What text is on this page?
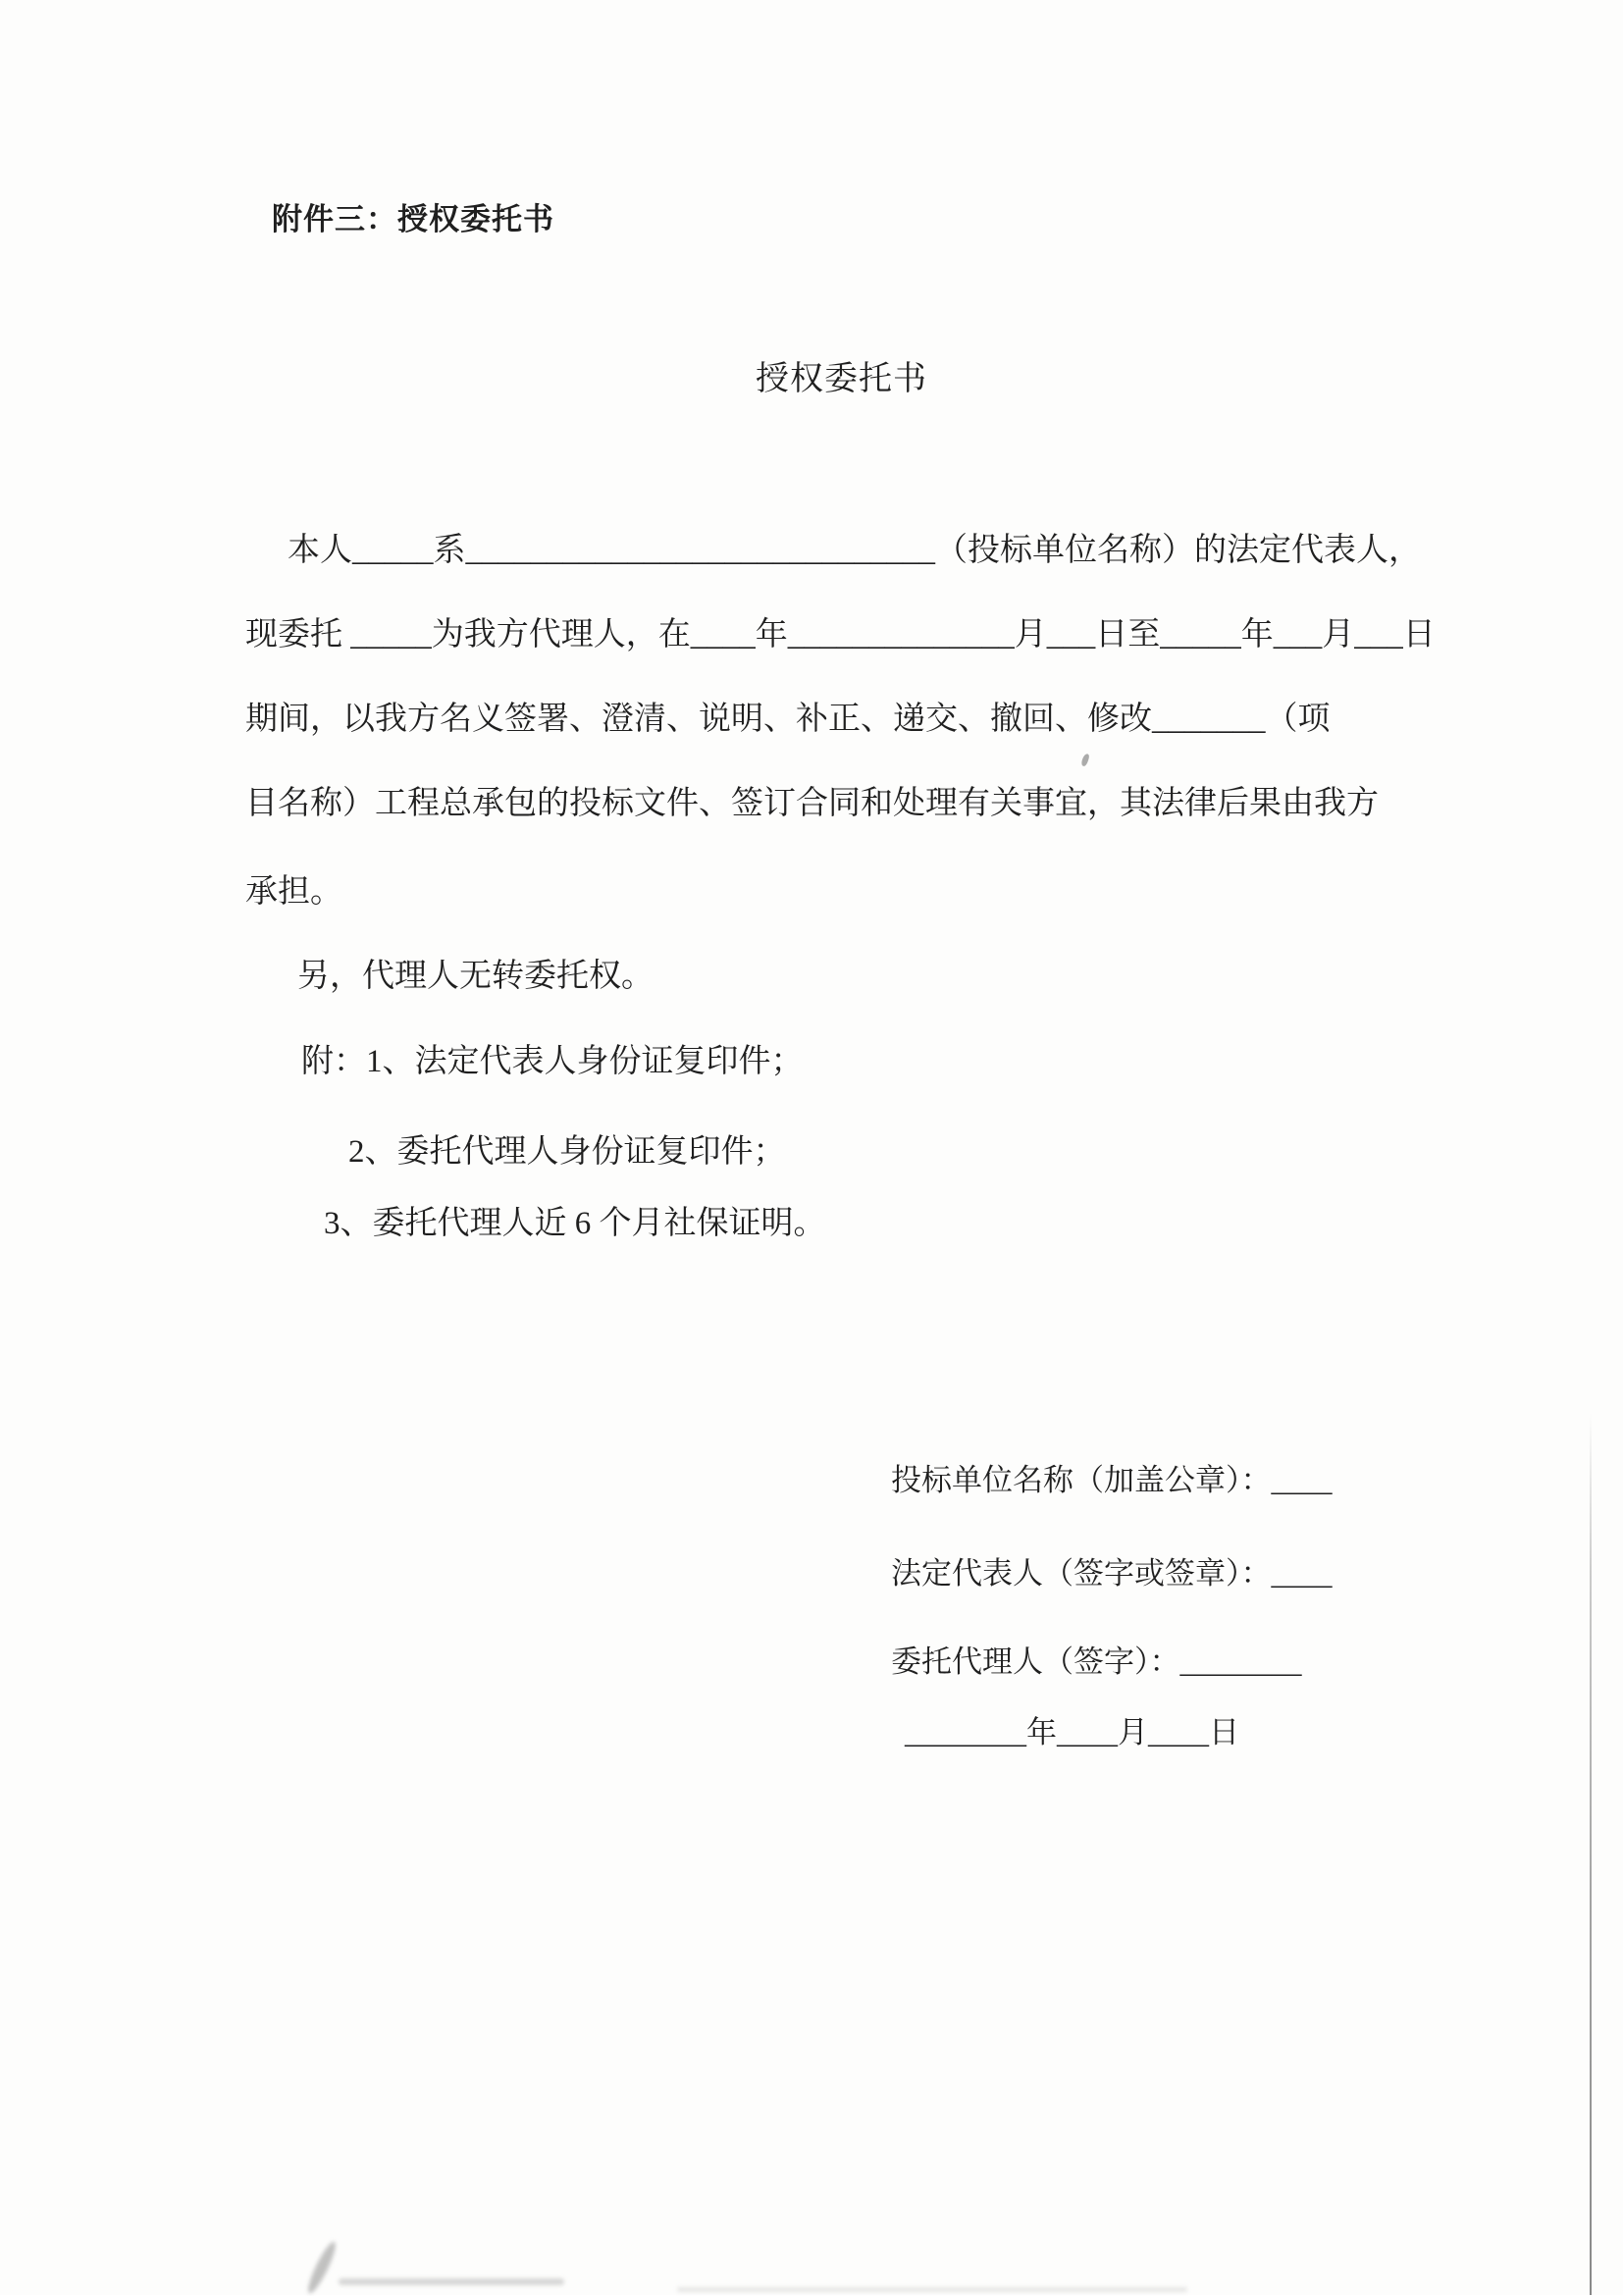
附件三：授权委托书
授权委托书
本人_____系_____________________________（投标单位名称）的法定代表人，
现委托 _____为我方代理人，在____年______________月___日至_____年___月___日
期间，以我方名义签署、澄清、说明、补正、递交、撤回、修改_______（项
目名称）工程总承包的投标文件、签订合同和处理有关事宜，其法律后果由我方
承担。
另，代理人无转委托权。
附：1、法定代表人身份证复印件；
2、委托代理人身份证复印件；
3、委托代理人近 6 个月社保证明。
投标单位名称（加盖公章）：____
法定代表人（签字或签章）：____
委托代理人（签字）：________
________年____月____日
